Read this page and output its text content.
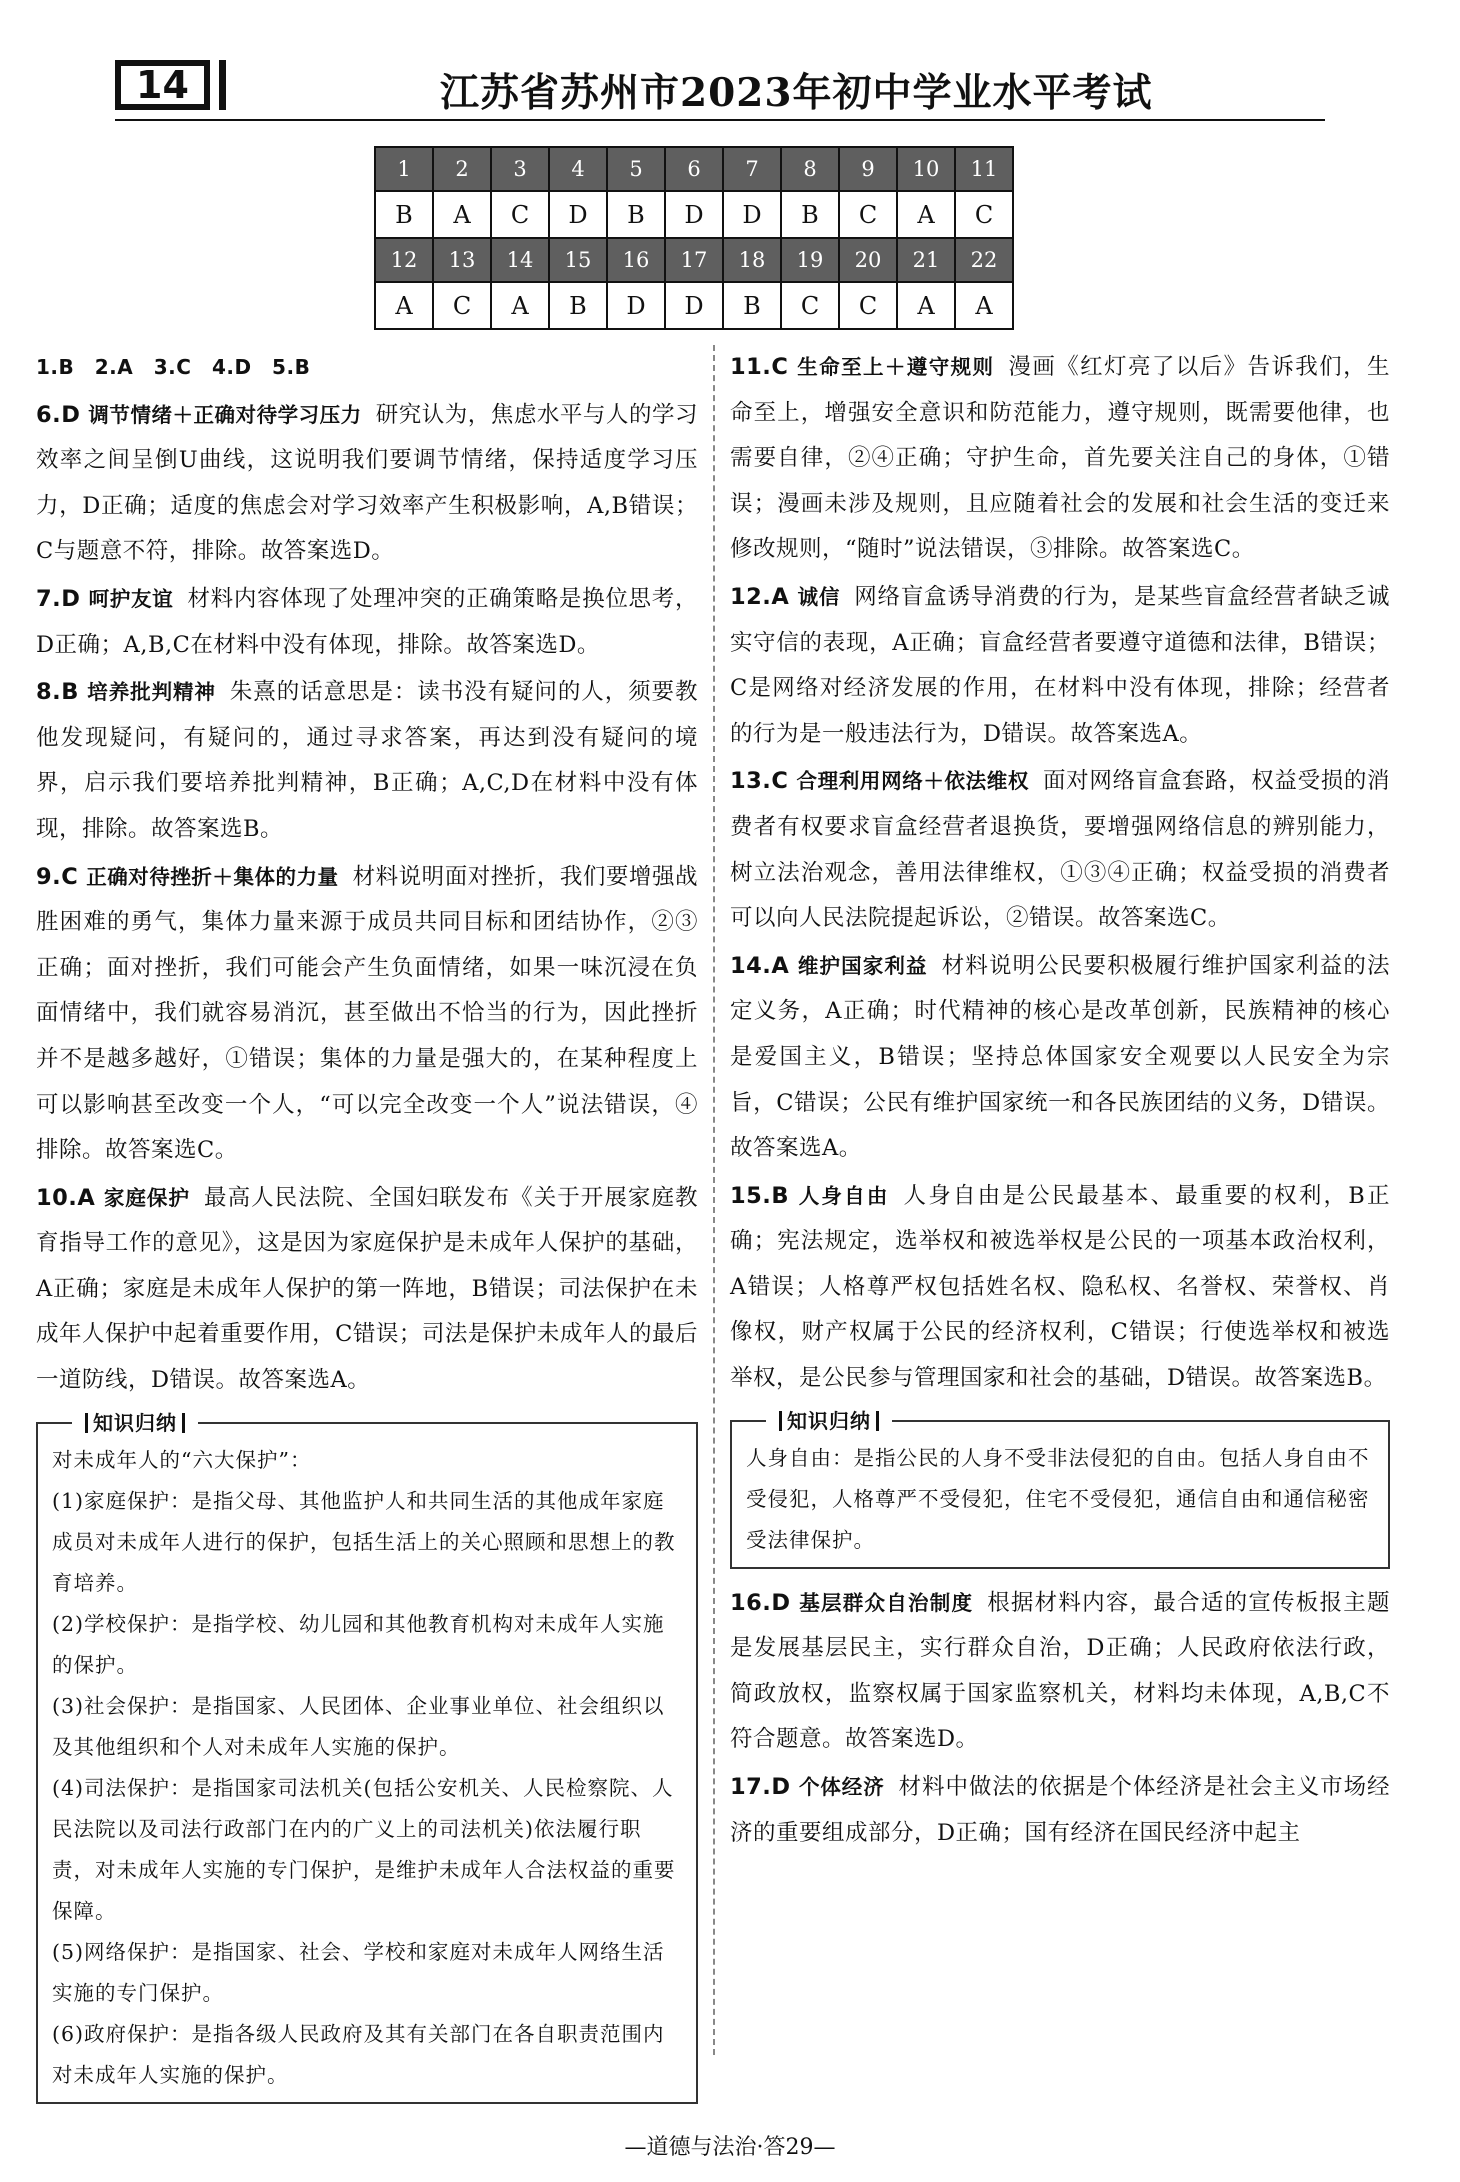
14	江苏省苏州市2023年初中学业水平考试
1	2	3	4	5	6	7	8	9	10	11
B	A	C	D	B	D	D	B	C	A	C
12	13	14	15	16	17	18	19	20	21	22
A	C	A	B	D	D	B	C	C	A	A
1.B　2.A　3.C　4.D　5.B
6.D 调节情绪＋正确对待学习压力 研究认为，焦虑水平与人的学习效率之间呈倒U曲线，这说明我们要调节情绪，保持适度学习压力，D正确；适度的焦虑会对学习效率产生积极影响，A,B错误；C与题意不符，排除。故答案选D。
7.D 呵护友谊 材料内容体现了处理冲突的正确策略是换位思考，D正确；A,B,C在材料中没有体现，排除。故答案选D。
8.B 培养批判精神 朱熹的话意思是：读书没有疑问的人，须要教他发现疑问，有疑问的，通过寻求答案，再达到没有疑问的境界，启示我们要培养批判精神，B正确；A,C,D在材料中没有体现，排除。故答案选B。
9.C 正确对待挫折＋集体的力量 材料说明面对挫折，我们要增强战胜困难的勇气，集体力量来源于成员共同目标和团结协作，②③正确；面对挫折，我们可能会产生负面情绪，如果一味沉浸在负面情绪中，我们就容易消沉，甚至做出不恰当的行为，因此挫折并不是越多越好，①错误；集体的力量是强大的，在某种程度上可以影响甚至改变一个人，“可以完全改变一个人”说法错误，④排除。故答案选C。
10.A 家庭保护 最高人民法院、全国妇联发布《关于开展家庭教育指导工作的意见》，这是因为家庭保护是未成年人保护的基础，A正确；家庭是未成年人保护的第一阵地，B错误；司法保护在未成年人保护中起着重要作用，C错误；司法是保护未成年人的最后一道防线，D错误。故答案选A。
知识归纳

对未成年人的“六大保护”：

(1)家庭保护：是指父母、其他监护人和共同生活的其他成年家庭成员对未成年人进行的保护，包括生活上的关心照顾和思想上的教育培养。

(2)学校保护：是指学校、幼儿园和其他教育机构对未成年人实施的保护。

(3)社会保护：是指国家、人民团体、企业事业单位、社会组织以及其他组织和个人对未成年人实施的保护。

(4)司法保护：是指国家司法机关(包括公安机关、人民检察院、人民法院以及司法行政部门在内的广义上的司法机关)依法履行职责，对未成年人实施的专门保护，是维护未成年人合法权益的重要保障。

(5)网络保护：是指国家、社会、学校和家庭对未成年人网络生活实施的专门保护。

(6)政府保护：是指各级人民政府及其有关部门在各自职责范围内对未成年人实施的保护。

11.C 生命至上＋遵守规则 漫画《红灯亮了以后》告诉我们，生命至上，增强安全意识和防范能力，遵守规则，既需要他律，也需要自律，②④正确；守护生命，首先要关注自己的身体，①错误；漫画未涉及规则，且应随着社会的发展和社会生活的变迁来修改规则，“随时”说法错误，③排除。故答案选C。
12.A 诚信 网络盲盒诱导消费的行为，是某些盲盒经营者缺乏诚实守信的表现，A正确；盲盒经营者要遵守道德和法律，B错误；C是网络对经济发展的作用，在材料中没有体现，排除；经营者的行为是一般违法行为，D错误。故答案选A。
13.C 合理利用网络＋依法维权 面对网络盲盒套路，权益受损的消费者有权要求盲盒经营者退换货，要增强网络信息的辨别能力，树立法治观念，善用法律维权，①③④正确；权益受损的消费者可以向人民法院提起诉讼，②错误。故答案选C。
14.A 维护国家利益 材料说明公民要积极履行维护国家利益的法定义务，A正确；时代精神的核心是改革创新，民族精神的核心是爱国主义，B错误；坚持总体国家安全观要以人民安全为宗旨，C错误；公民有维护国家统一和各民族团结的义务，D错误。故答案选A。
15.B 人身自由 人身自由是公民最基本、最重要的权利，B正确；宪法规定，选举权和被选举权是公民的一项基本政治权利，A错误；人格尊严权包括姓名权、隐私权、名誉权、荣誉权、肖像权，财产权属于公民的经济权利，C错误；行使选举权和被选举权，是公民参与管理国家和社会的基础，D错误。故答案选B。
知识归纳

人身自由：是指公民的人身不受非法侵犯的自由。包括人身自由不受侵犯，人格尊严不受侵犯，住宅不受侵犯，通信自由和通信秘密受法律保护。

16.D 基层群众自治制度 根据材料内容，最合适的宣传板报主题是发展基层民主，实行群众自治，D正确；人民政府依法行政，简政放权，监察权属于国家监察机关，材料均未体现，A,B,C不符合题意。故答案选D。
17.D 个体经济 材料中做法的依据是个体经济是社会主义市场经济的重要组成部分，D正确；国有经济在国民经济中起主
—道德与法治·答29—
